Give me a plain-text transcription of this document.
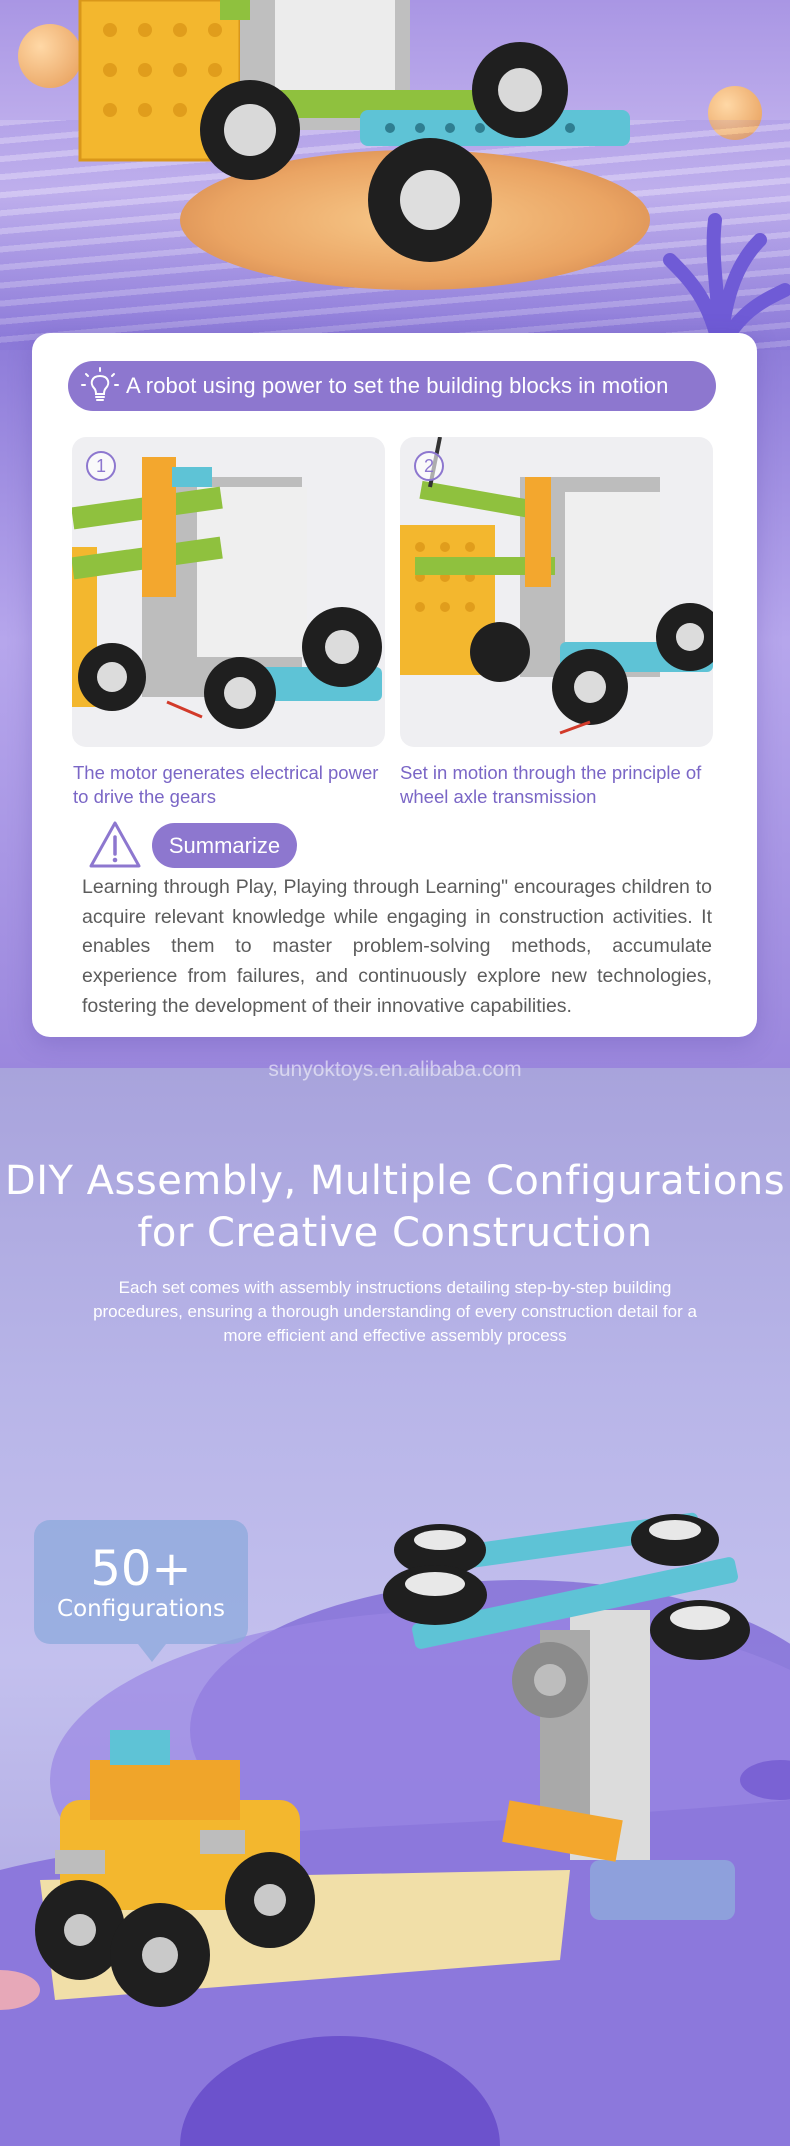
A robot using power to set the building blocks in motion
1	2
The motor generates electrical power to drive the gears
Set in motion through the principle of wheel axle transmission
Summarize
Learning through Play, Playing through Learning" encourages children to acquire relevant knowledge while engaging in construction activities. It enables them to master problem-solving methods, accumulate experience from failures, and continuously explore new technologies, fostering the development of their innovative capabilities.
sunyoktoys.en.alibaba.com
DIY Assembly, Multiple Configurations
for Creative Construction
Each set comes with assembly instructions detailing step-by-step building procedures, ensuring a thorough understanding of every construction detail for a more efficient and effective assembly process
50+
Configurations
